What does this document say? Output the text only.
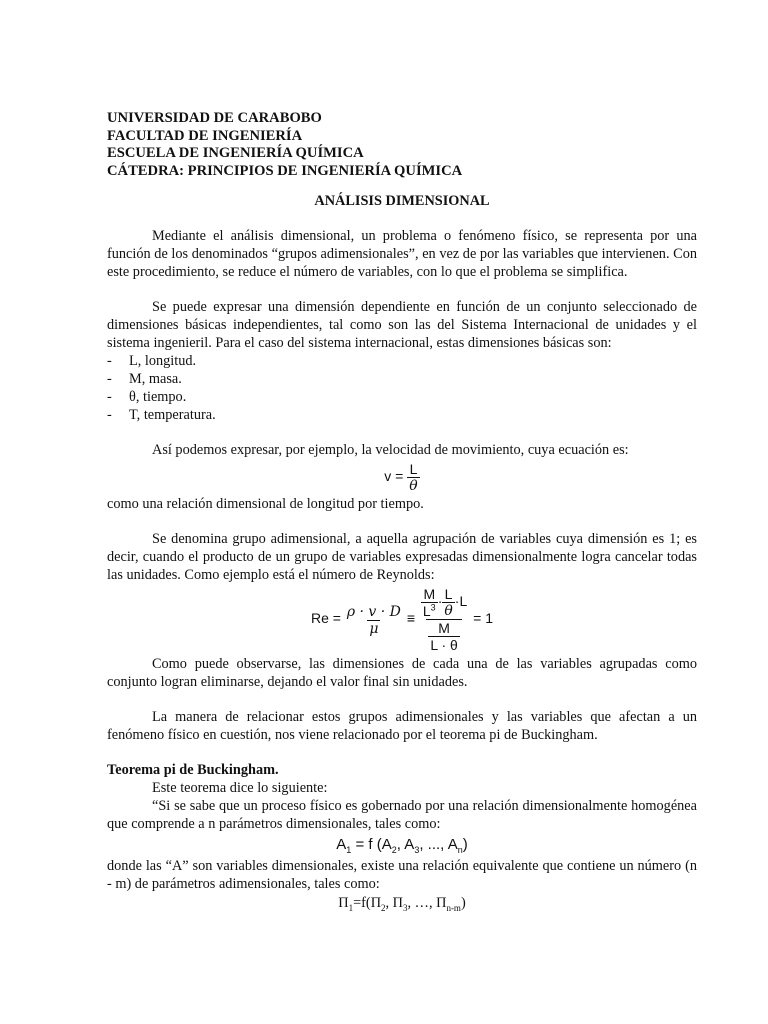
UNIVERSIDAD DE CARABOBO

FACULTAD DE INGENIERÍA

ESCUELA DE INGENIERÍA QUÍMICA

CÁTEDRA: PRINCIPIOS DE INGENIERÍA QUÍMICA

ANÁLISIS DIMENSIONAL

Mediante el análisis dimensional, un problema o fenómeno físico, se representa por una función de los denominados “grupos adimensionales”, en vez de por las variables que intervienen. Con este procedimiento, se reduce el número de variables, con lo que el problema se simplifica.

Se puede expresar una dimensión dependiente en función de un conjunto seleccionado de dimensiones básicas independientes, tal como son las del Sistema Internacional de unidades y el sistema ingenieril. Para el caso del sistema internacional, estas dimensiones básicas son:

- L, longitud.
- M, masa.
- θ, tiempo.
- T, temperatura.

Así podemos expresar, por ejemplo, la velocidad de movimiento, cuya ecuación es:

$v = \frac{L}{\theta}$

como una relación dimensional de longitud por tiempo.

Se denomina grupo adimensional, a aquella agrupación de variables cuya dimensión es 1; es decir, cuando el producto de un grupo de variables expresadas dimensionalmente logra cancelar todas las unidades. Como ejemplo está el número de Reynolds:

$Re = \frac{\rho \cdot v \cdot D}{\mu} \equiv \frac{M}{L^3} \cdot \frac{L}{\theta} \cdot L$
$\frac{M}{L \cdot \theta}$
= 1

Como puede observarse, las dimensiones de cada una de las variables agrupadas como conjunto logran eliminarse, dejando el valor final sin unidades.

La manera de relacionar estos grupos adimensionales y las variables que afectan a un fenómeno físico en cuestión, nos viene relacionado por el teorema pi de Buckingham.

Teorema pi de Buckingham.

Este teorema dice lo siguiente:

“Si se sabe que un proceso físico es gobernado por una relación dimensionalmente homogénea que comprende a n parámetros dimensionales, tales como:

$A_1 = f$ ($A_2$, $A_3$, ..., $A_n$)

donde las “A” son variables dimensionales, existe una relación equivalente que contiene un número (n - m) de parámetros adimensionales, tales como:

$\Pi_1=f(\Pi_2$, $\Pi_3$, …, $\Pi_{n-m}$)
